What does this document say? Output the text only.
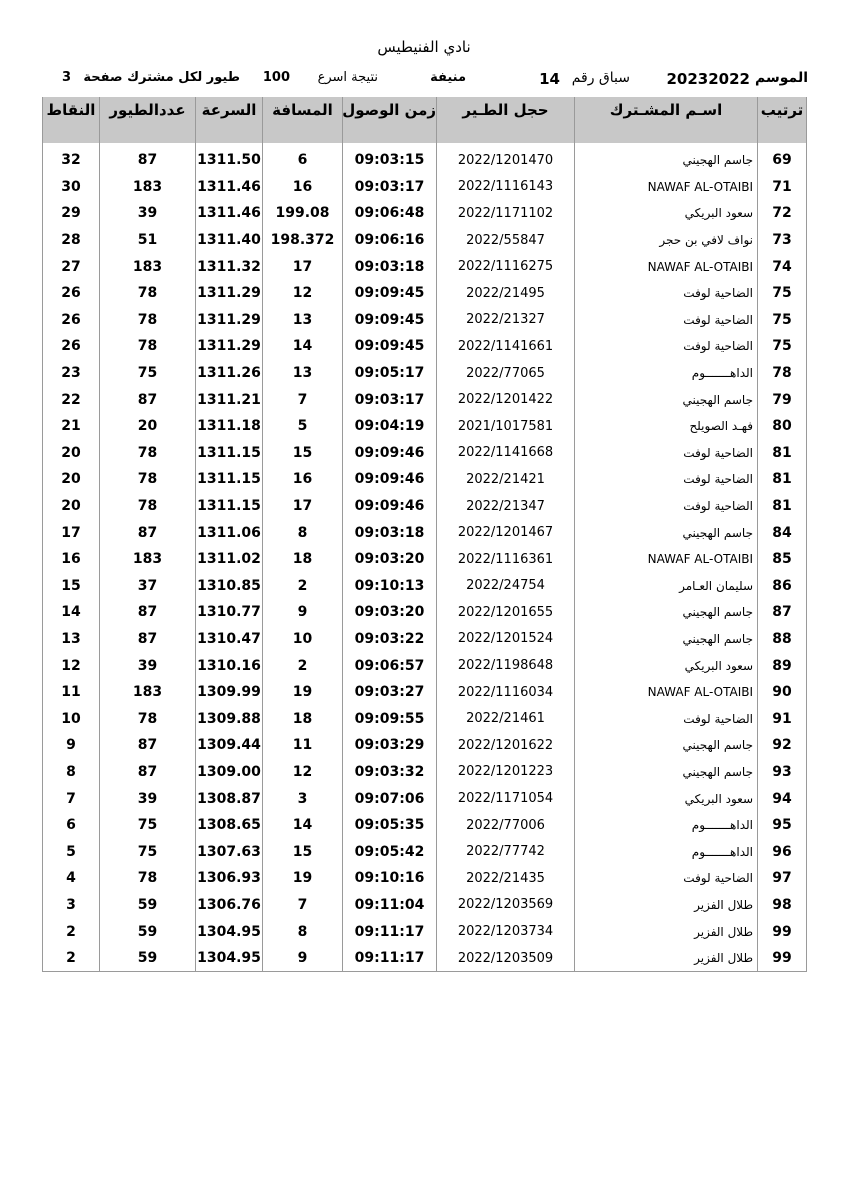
نادي الفنيطيس
الموسم
20232022
سباق رقم
14
منيفة
نتيجة اسرع
100
طيور لكل مشترك صفحة
3
ترتيب	اسـم المشـترك	حجل الطـير	زمن الوصول	المسافة	السرعة	عددالطيور	النقاط
69	جاسم الهجيني	2022/1201470	09:03:15	6	1311.50	87	32
71	NAWAF AL-OTAIBI	2022/1116143	09:03:17	16	1311.46	183	30
72	سعود البريكي	2022/1171102	09:06:48	199.08	1311.46	39	29
73	نواف لافي بن حجر	2022/55847	09:06:16	198.372	1311.40	51	28
74	NAWAF AL-OTAIBI	2022/1116275	09:03:18	17	1311.32	183	27
75	الضاحية لوفت	2022/21495	09:09:45	12	1311.29	78	26
75	الضاحية لوفت	2022/21327	09:09:45	13	1311.29	78	26
75	الضاحية لوفت	2022/1141661	09:09:45	14	1311.29	78	26
78	الداهـــــــوم	2022/77065	09:05:17	13	1311.26	75	23
79	جاسم الهجيني	2022/1201422	09:03:17	7	1311.21	87	22
80	فهـد الصويلح	2021/1017581	09:04:19	5	1311.18	20	21
81	الضاحية لوفت	2022/1141668	09:09:46	15	1311.15	78	20
81	الضاحية لوفت	2022/21421	09:09:46	16	1311.15	78	20
81	الضاحية لوفت	2022/21347	09:09:46	17	1311.15	78	20
84	جاسم الهجيني	2022/1201467	09:03:18	8	1311.06	87	17
85	NAWAF AL-OTAIBI	2022/1116361	09:03:20	18	1311.02	183	16
86	سليمان العـامر	2022/24754	09:10:13	2	1310.85	37	15
87	جاسم الهجيني	2022/1201655	09:03:20	9	1310.77	87	14
88	جاسم الهجيني	2022/1201524	09:03:22	10	1310.47	87	13
89	سعود البريكي	2022/1198648	09:06:57	2	1310.16	39	12
90	NAWAF AL-OTAIBI	2022/1116034	09:03:27	19	1309.99	183	11
91	الضاحية لوفت	2022/21461	09:09:55	18	1309.88	78	10
92	جاسم الهجيني	2022/1201622	09:03:29	11	1309.44	87	9
93	جاسم الهجيني	2022/1201223	09:03:32	12	1309.00	87	8
94	سعود البريكي	2022/1171054	09:07:06	3	1308.87	39	7
95	الداهـــــــوم	2022/77006	09:05:35	14	1308.65	75	6
96	الداهـــــــوم	2022/77742	09:05:42	15	1307.63	75	5
97	الضاحية لوفت	2022/21435	09:10:16	19	1306.93	78	4
98	طلال الفزير	2022/1203569	09:11:04	7	1306.76	59	3
99	طلال الفزير	2022/1203734	09:11:17	8	1304.95	59	2
99	طلال الفزير	2022/1203509	09:11:17	9	1304.95	59	2
